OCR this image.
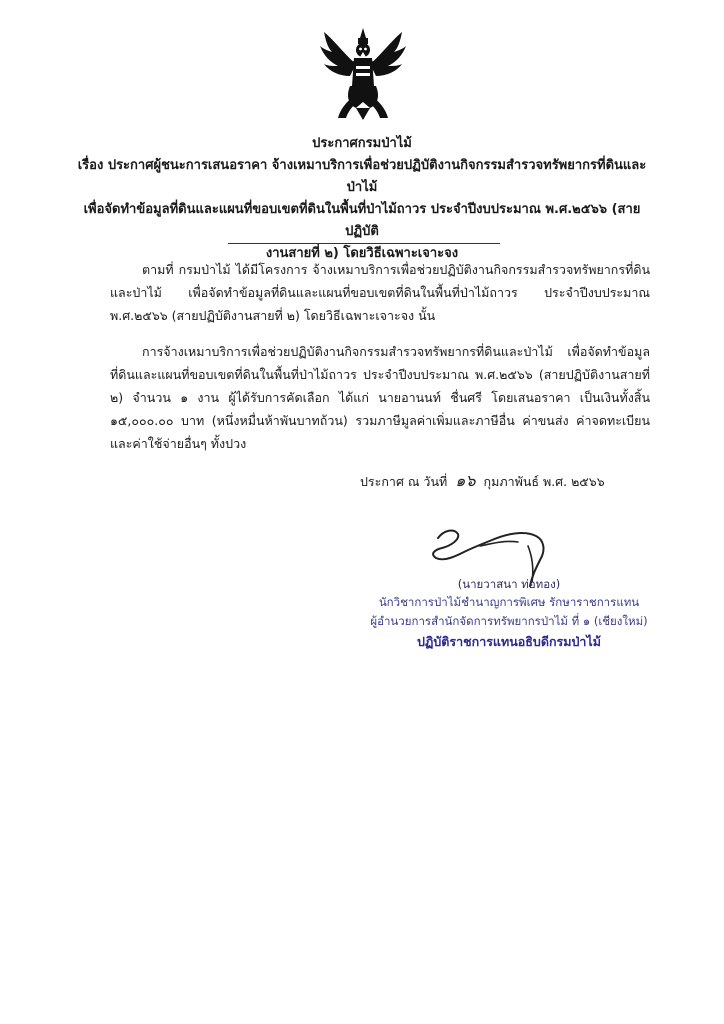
ประกาศกรมป่าไม้
เรื่อง ประกาศผู้ชนะการเสนอราคา จ้างเหมาบริการเพื่อช่วยปฏิบัติงานกิจกรรมสำรวจทรัพยากรที่ดินและป่าไม้
เพื่อจัดทำข้อมูลที่ดินและแผนที่ขอบเขตที่ดินในพื้นที่ป่าไม้ถาวร ประจำปีงบประมาณ พ.ศ.๒๕๖๖ (สายปฏิบัติ
งานสายที่ ๒) โดยวิธีเฉพาะเจาะจง
ตามที่ กรมป่าไม้ ได้มีโครงการ จ้างเหมาบริการเพื่อช่วยปฏิบัติงานกิจกรรมสำรวจทรัพยากรที่ดินและป่าไม้ เพื่อจัดทำข้อมูลที่ดินและแผนที่ขอบเขตที่ดินในพื้นที่ป่าไม้ถาวร ประจำปีงบประมาณ พ.ศ.๒๕๖๖ (สายปฏิบัติงานสายที่ ๒) โดยวิธีเฉพาะเจาะจง นั้น
การจ้างเหมาบริการเพื่อช่วยปฏิบัติงานกิจกรรมสำรวจทรัพยากรที่ดินและป่าไม้ เพื่อจัดทำข้อมูลที่ดินและแผนที่ขอบเขตที่ดินในพื้นที่ป่าไม้ถาวร ประจำปีงบประมาณ พ.ศ.๒๕๖๖ (สายปฏิบัติงานสายที่ ๒) จำนวน ๑ งาน ผู้ได้รับการคัดเลือก ได้แก่ นายอานนท์ ชื่นศรี โดยเสนอราคา เป็นเงินทั้งสิ้น ๑๕,๐๐๐.๐๐ บาท (หนึ่งหมื่นห้าพันบาทถ้วน) รวมภาษีมูลค่าเพิ่มและภาษีอื่น ค่าขนส่ง ค่าจดทะเบียน และค่าใช้จ่ายอื่นๆ ทั้งปวง
ประกาศ ณ วันที่ ๑๖ กุมภาพันธ์ พ.ศ. ๒๕๖๖
(นายวาสนา ท่อทอง)
นักวิชาการป่าไม้ชำนาญการพิเศษ รักษาราชการแทน
ผู้อำนวยการสำนักจัดการทรัพยากรป่าไม้ ที่ ๑ (เชียงใหม่)
ปฏิบัติราชการแทนอธิบดีกรมป่าไม้
